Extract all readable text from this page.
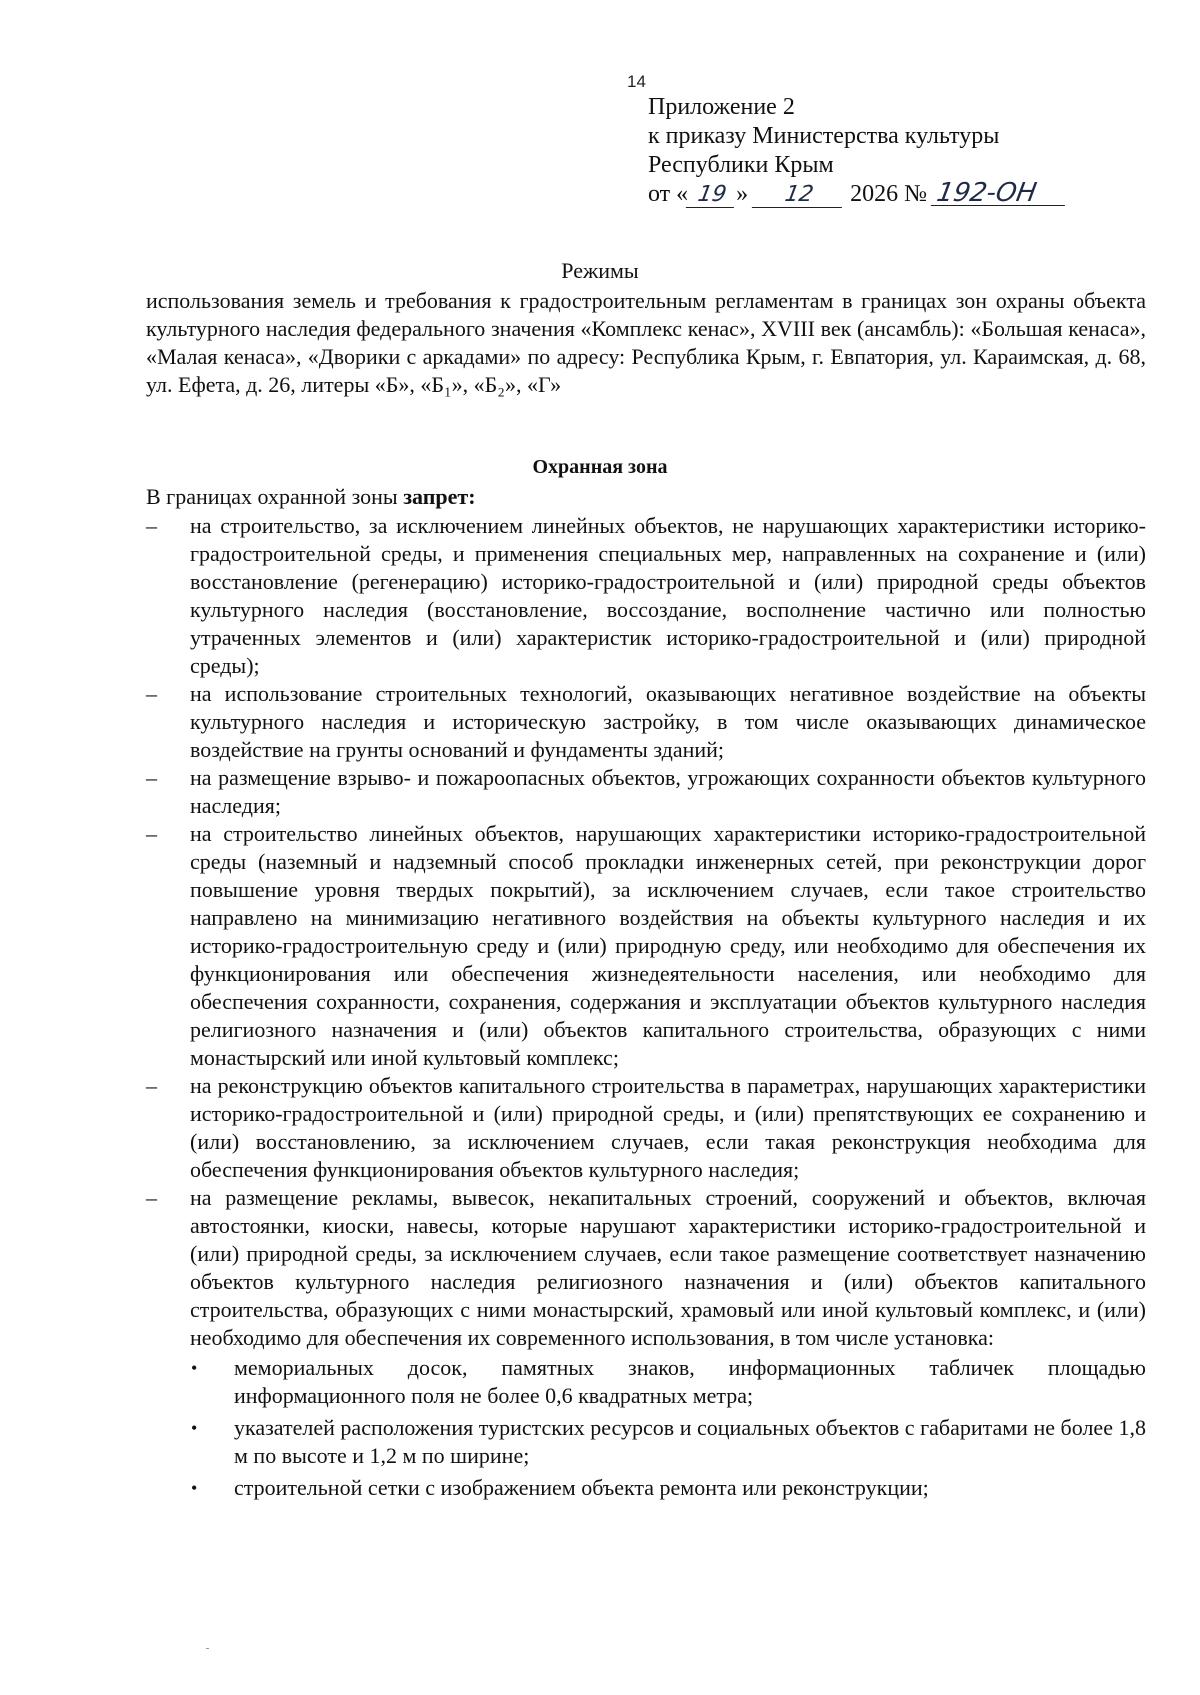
14
Приложение 2
к приказу Министерства культуры
Республики Крым
от « 19 » 12 2026 № 192-ОН
Режимы
использования земель и требования к градостроительным регламентам в границах зон охраны объекта культурного наследия федерального значения «Комплекс кенас», XVIII век (ансамбль): «Большая кенаса», «Малая кенаса», «Дворики с аркадами» по адресу: Республика Крым, г. Евпатория, ул. Караимская, д. 68, ул. Ефета, д. 26, литеры «Б», «Б₁», «Б₂», «Г»
Охранная зона
В границах охранной зоны запрет:
– на строительство, за исключением линейных объектов, не нарушающих характеристики историко-градостроительной среды, и применения специальных мер, направленных на сохранение и (или) восстановление (регенерацию) историко-градостроительной и (или) природной среды объектов культурного наследия (восстановление, воссоздание, восполнение частично или полностью утраченных элементов и (или) характеристик историко-градостроительной и (или) природной среды);
– на использование строительных технологий, оказывающих негативное воздействие на объекты культурного наследия и историческую застройку, в том числе оказывающих динамическое воздействие на грунты оснований и фундаменты зданий;
– на размещение взрыво- и пожароопасных объектов, угрожающих сохранности объектов культурного наследия;
– на строительство линейных объектов, нарушающих характеристики историко-градостроительной среды (наземный и надземный способ прокладки инженерных сетей, при реконструкции дорог повышение уровня твердых покрытий), за исключением случаев, если такое строительство направлено на минимизацию негативного воздействия на объекты культурного наследия и их историко-градостроительную среду и (или) природную среду, или необходимо для обеспечения их функционирования или обеспечения жизнедеятельности населения, или необходимо для обеспечения сохранности, сохранения, содержания и эксплуатации объектов культурного наследия религиозного назначения и (или) объектов капитального строительства, образующих с ними монастырский или иной культовый комплекс;
– на реконструкцию объектов капитального строительства в параметрах, нарушающих характеристики историко-градостроительной и (или) природной среды, и (или) препятствующих ее сохранению и (или) восстановлению, за исключением случаев, если такая реконструкция необходима для обеспечения функционирования объектов культурного наследия;
– на размещение рекламы, вывесок, некапитальных строений, сооружений и объектов, включая автостоянки, киоски, навесы, которые нарушают характеристики историко-градостроительной и (или) природной среды, за исключением случаев, если такое размещение соответствует назначению объектов культурного наследия религиозного назначения и (или) объектов капитального строительства, образующих с ними монастырский, храмовый или иной культовый комплекс, и (или) необходимо для обеспечения их современного использования, в том числе установка:
• мемориальных досок, памятных знаков, информационных табличек площадью информационного поля не более 0,6 квадратных метра;
• указателей расположения туристских ресурсов и социальных объектов с габаритами не более 1,8 м по высоте и 1,2 м по ширине;
• строительной сетки с изображением объекта ремонта или реконструкции;
